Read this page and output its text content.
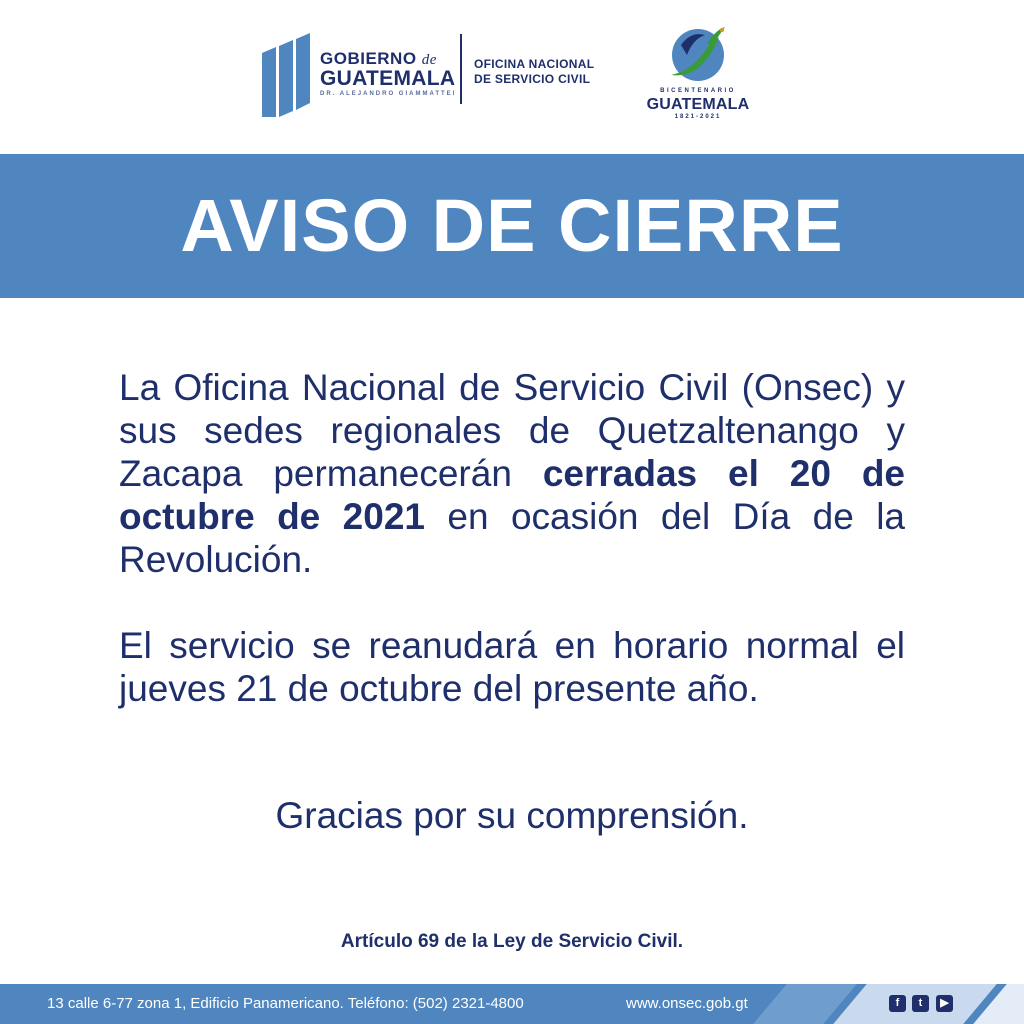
GOBIERNO de
GUATEMALA
DR. ALEJANDRO GIAMMATTEI
OFICINA NACIONAL
DE SERVICIO CIVIL
BICENTENARIO
GUATEMALA
1821-2021
AVISO DE CIERRE

La Oficina Nacional de Servicio Civil (Onsec) y sus sedes regionales de Quetzaltenango y Zacapa permanecerán cerradas el 20 de octubre de 2021 en ocasión del Día de la Revolución.

El servicio se reanudará en horario normal el jueves 21 de octubre del presente año.

Gracias por su comprensión.
Artículo 69 de la Ley de Servicio Civil.
13 calle 6-77 zona 1, Edificio Panamericano. Teléfono: (502) 2321-4800	www.onsec.gob.gt	f	t	▶
